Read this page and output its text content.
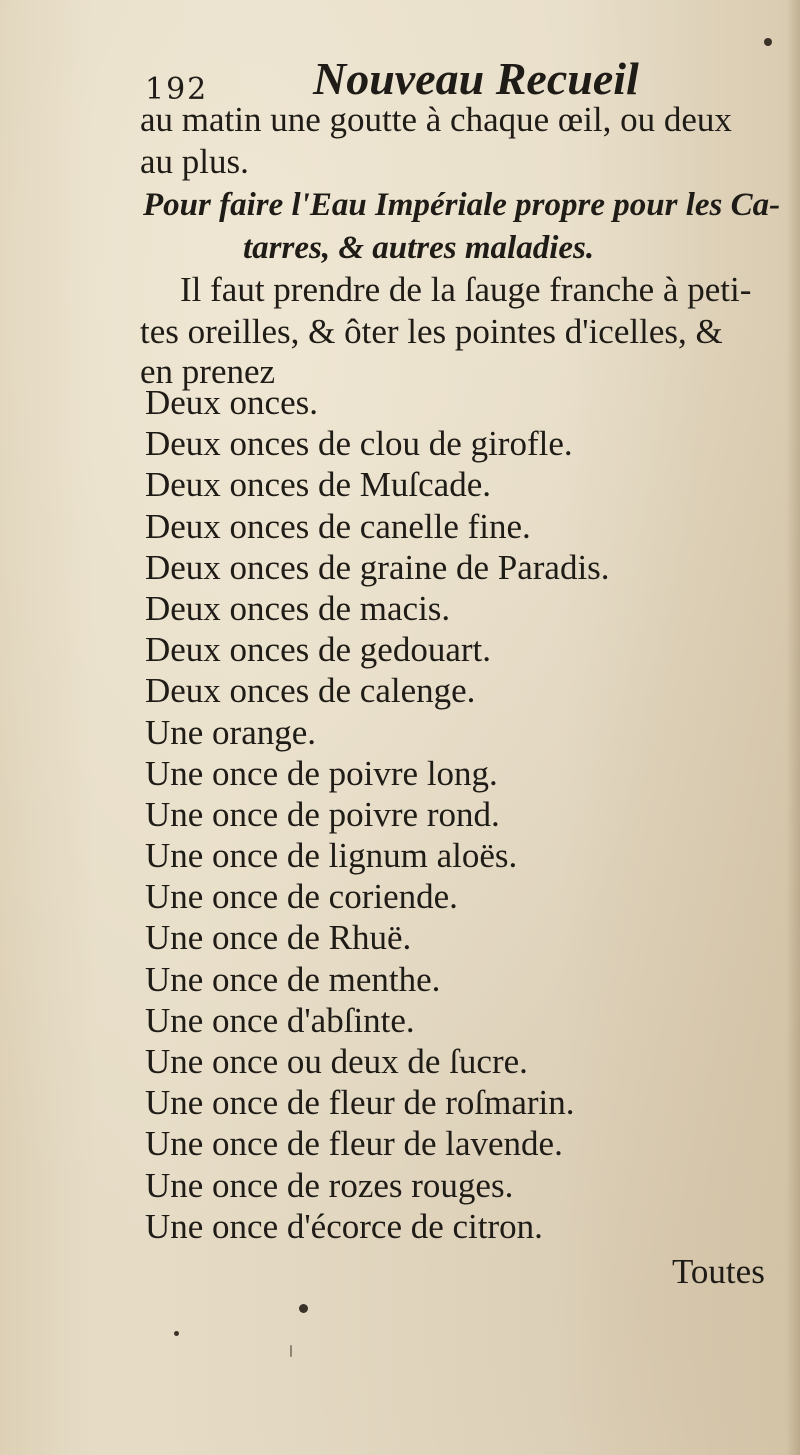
192 Nouveau Recueil
au matin une goutte à chaque œil, ou deux
au plus.
Pour faire l'Eau Impériale propre pour les Ca-
tarres, & autres maladies.
Il faut prendre de la ſauge franche à peti-
tes oreilles, & ôter les pointes d'icelles, &
en prenez
Deux onces.
Deux onces de clou de girofle.
Deux onces de Muſcade.
Deux onces de canelle fine.
Deux onces de graine de Paradis.
Deux onces de macis.
Deux onces de gedouart.
Deux onces de calenge.
Une orange.
Une once de poivre long.
Une once de poivre rond.
Une once de lignum aloës.
Une once de coriende.
Une once de Rhuë.
Une once de menthe.
Une once d'abſinte.
Une once ou deux de ſucre.
Une once de fleur de roſmarin.
Une once de fleur de lavende.
Une once de rozes rouges.
Une once d'écorce de citron.
Toutes
